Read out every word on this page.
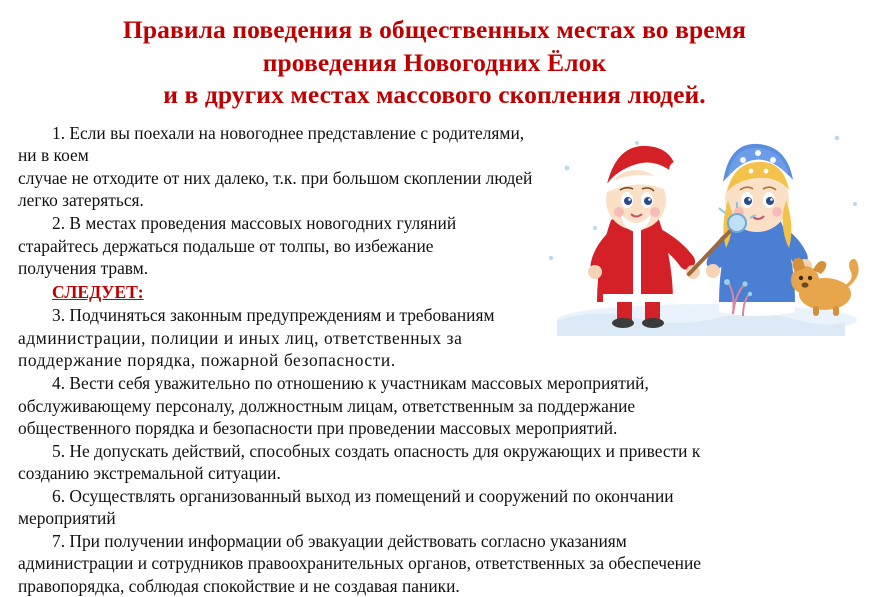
Правила поведения в общественных местах во время
проведения Новогодних Ёлок
и в других местах массового скопления людей.

1. Если вы поехали на новогоднее представление с родителями, ни в коем

случае не отходите от них далеко, т.к. при большом скоплении людей
легко затеряться.

2. В местах проведения массовых новогодних гуляний

старайтесь держаться подальше от толпы, во избежание
получения травм.

СЛЕДУЕТ:

3. Подчиняться законным предупреждениям и требованиям

администрации, полиции и иных лиц, ответственных за
поддержание порядка, пожарной безопасности.

4. Вести себя уважительно по отношению к участникам массовых мероприятий,

обслуживающему персоналу, должностным лицам, ответственным за поддержание
общественного порядка и безопасности при проведении массовых мероприятий.

5. Не допускать действий, способных создать опасность для окружающих и привести к

созданию экстремальной ситуации.

6. Осуществлять организованный выход из помещений и сооружений по окончании

мероприятий

7. При получении информации об эвакуации действовать согласно указаниям

администрации и сотрудников правоохранительных органов, ответственных за обеспечение
правопорядка, соблюдая спокойствие и не создавая паники.
